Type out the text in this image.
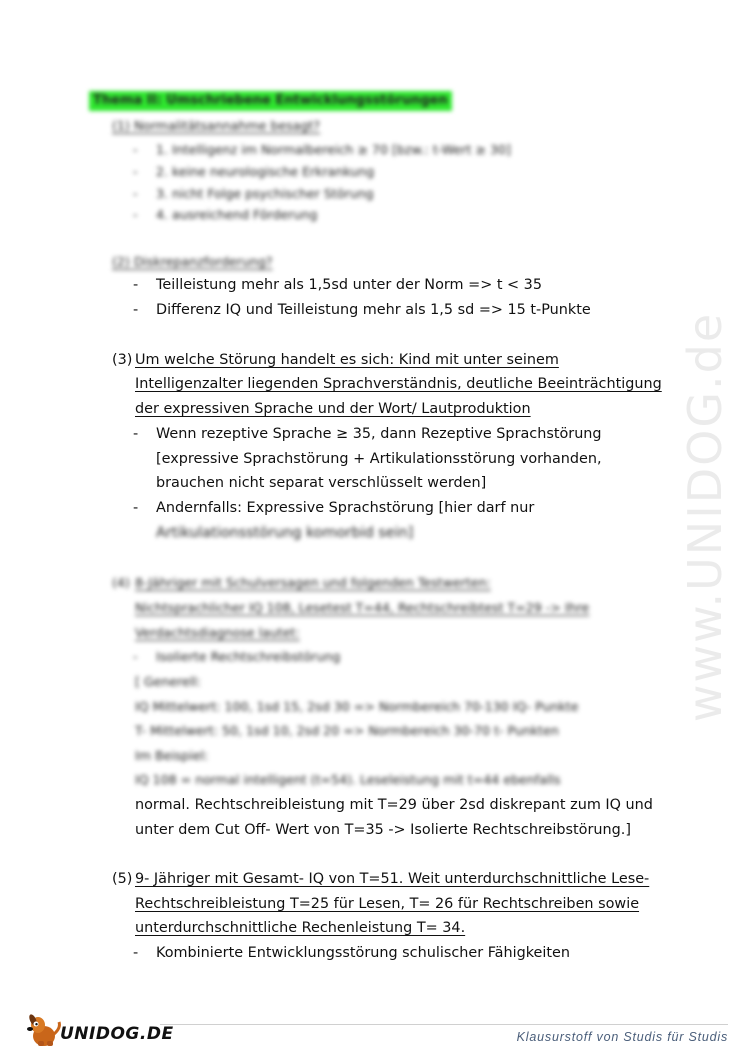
www.UNIDOG.de
Thema II: Umschriebene Entwicklungsstörungen
(1) Normalitätsannahme besagt?
- 1. Intelligenz im Normalbereich ≥ 70 [bzw.: t-Wert ≥ 30]
- 2. keine neurologische Erkrankung
- 3. nicht Folge psychischer Störung
- 4. ausreichend Förderung
(2) Diskrepanzforderung?
- Teilleistung mehr als 1,5sd unter der Norm => t < 35
- Differenz IQ und Teilleistung mehr als 1,5 sd => 15 t-Punkte
(3) Um welche Störung handelt es sich: Kind mit unter seinem
Intelligenzalter liegenden Sprachverständnis, deutliche Beeinträchtigung
der expressiven Sprache und der Wort/ Lautproduktion
- Wenn rezeptive Sprache ≥ 35, dann Rezeptive Sprachstörung
[expressive Sprachstörung + Artikulationsstörung vorhanden,
brauchen nicht separat verschlüsselt werden]
- Andernfalls: Expressive Sprachstörung [hier darf nur
Artikulationsstörung komorbid sein]
(4) 8-Jähriger mit Schulversagen und folgenden Testwerten:
Nichtsprachlicher IQ 108, Lesetest T=44, Rechtschreibtest T=29 -> Ihre
Verdachtsdiagnose lautet:
- Isolierte Rechtschreibstörung
[ Generell:
IQ Mittelwert: 100, 1sd 15, 2sd 30 => Normbereich 70-130 IQ- Punkte
T- Mittelwert: 50, 1sd 10, 2sd 20 => Normbereich 30-70 t- Punkten
Im Beispiel:
IQ 108 = normal intelligent (t=54). Leseleistung mit t=44 ebenfalls
normal. Rechtschreibleistung mit T=29 über 2sd diskrepant zum IQ und
unter dem Cut Off- Wert von T=35 -> Isolierte Rechtschreibstörung.]
(5) 9- Jähriger mit Gesamt- IQ von T=51. Weit unterdurchschnittliche Lese-
Rechtschreibleistung T=25 für Lesen, T= 26 für Rechtschreiben sowie
unterdurchschnittliche Rechenleistung T= 34.
- Kombinierte Entwicklungsstörung schulischer Fähigkeiten
UNIDOG.DE	Klausurstoff von Studis für Studis
